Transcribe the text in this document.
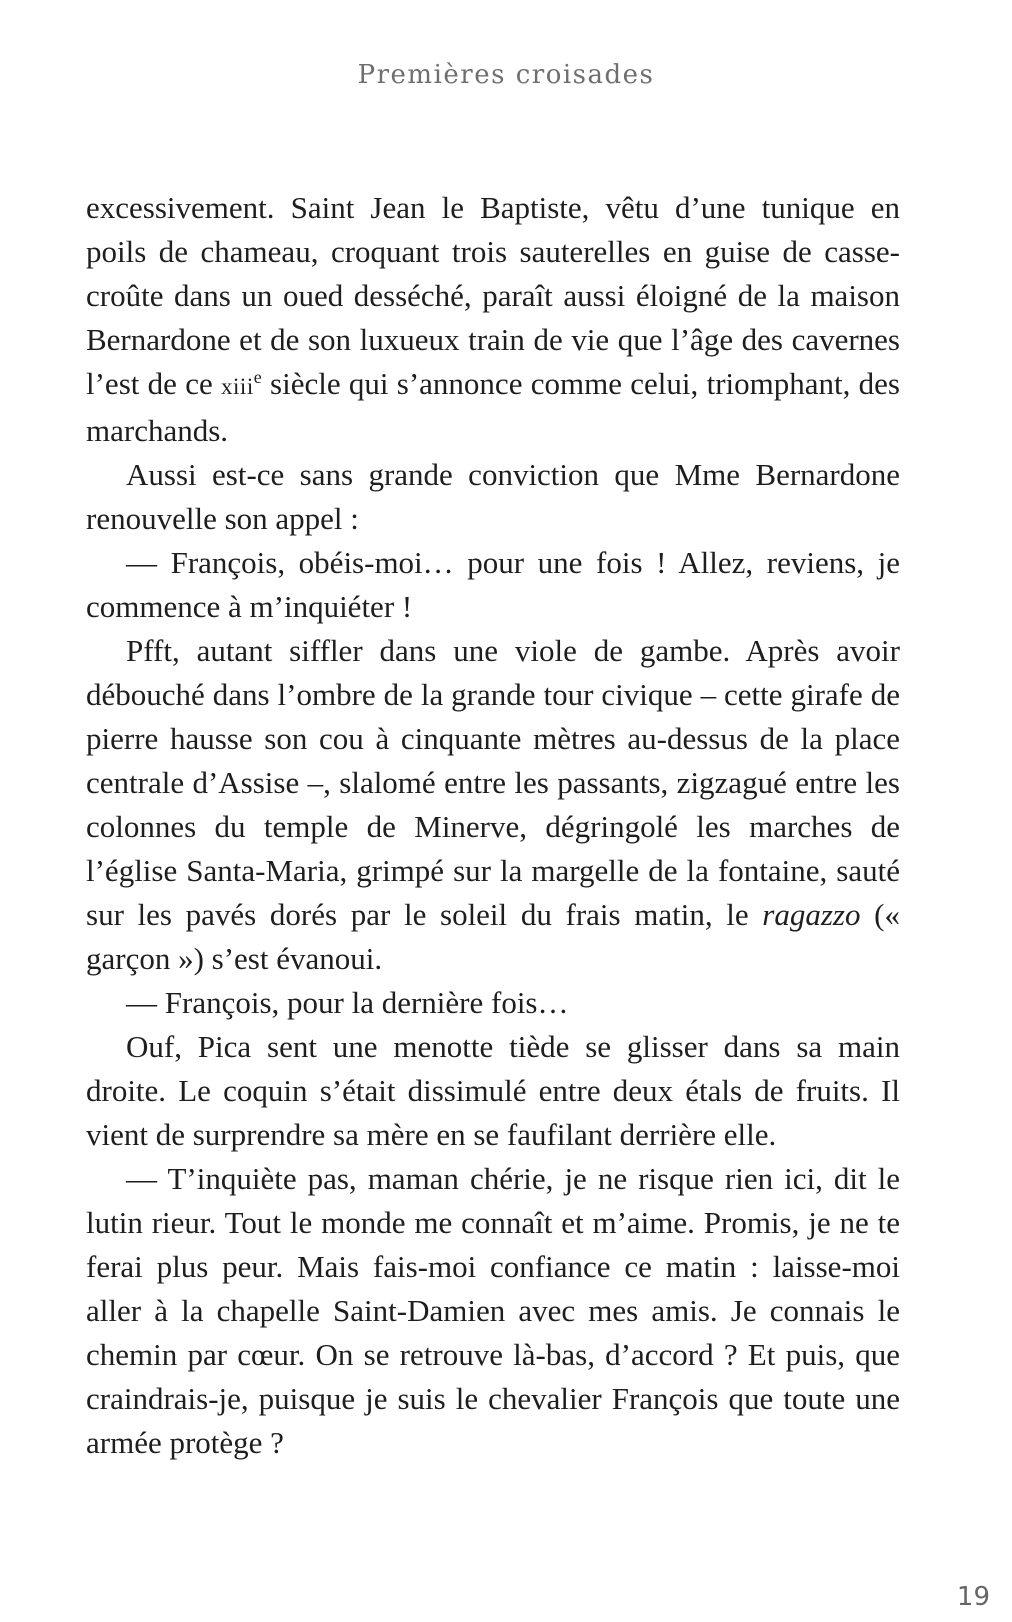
Premières croisades

excessivement. Saint Jean le Baptiste, vêtu d’une tunique en poils de chameau, croquant trois sauterelles en guise de casse-croûte dans un oued desséché, paraît aussi éloigné de la maison Bernardone et de son luxueux train de vie que l’âge des cavernes l’est de ce xiii$^e$ siècle qui s’annonce comme celui, triomphant, des marchands.

Aussi est-ce sans grande conviction que Mme Bernardone renouvelle son appel :

— François, obéis-moi… pour une fois ! Allez, reviens, je commence à m’inquiéter !

Pfft, autant siffler dans une viole de gambe. Après avoir débouché dans l’ombre de la grande tour civique – cette girafe de pierre hausse son cou à cinquante mètres au-dessus de la place centrale d’Assise –, slalomé entre les passants, zigzagué entre les colonnes du temple de Minerve, dégringolé les marches de l’église Santa-Maria, grimpé sur la margelle de la fontaine, sauté sur les pavés dorés par le soleil du frais matin, le ragazzo (« garçon ») s’est évanoui.

— François, pour la dernière fois…

Ouf, Pica sent une menotte tiède se glisser dans sa main droite. Le coquin s’était dissimulé entre deux étals de fruits. Il vient de surprendre sa mère en se faufilant derrière elle.

— T’inquiète pas, maman chérie, je ne risque rien ici, dit le lutin rieur. Tout le monde me connaît et m’aime. Promis, je ne te ferai plus peur. Mais fais-moi confiance ce matin : laisse-moi aller à la chapelle Saint-Damien avec mes amis. Je connais le chemin par cœur. On se retrouve là-bas, d’accord ? Et puis, que craindrais-je, puisque je suis le chevalier François que toute une armée protège ?

19
